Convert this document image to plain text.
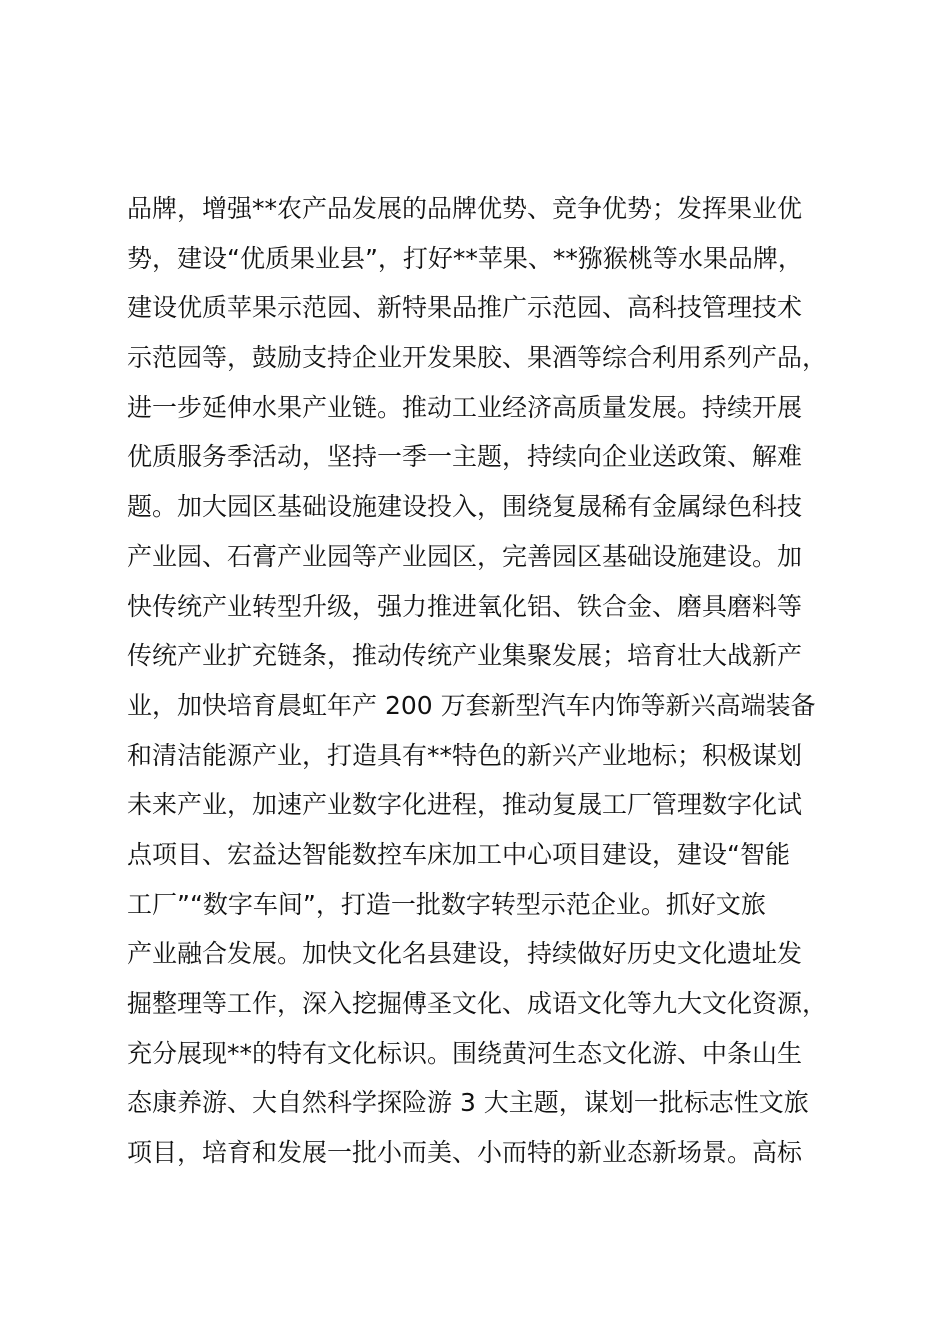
品牌，增强**农产品发展的品牌优势、竞争优势；发挥果业优
势，建设“优质果业县”，打好**苹果、**猕猴桃等水果品牌，
建设优质苹果示范园、新特果品推广示范园、高科技管理技术
示范园等，鼓励支持企业开发果胶、果酒等综合利用系列产品，
进一步延伸水果产业链。推动工业经济高质量发展。持续开展
优质服务季活动，坚持一季一主题，持续向企业送政策、解难
题。加大园区基础设施建设投入，围绕复晟稀有金属绿色科技
产业园、石膏产业园等产业园区，完善园区基础设施建设。加
快传统产业转型升级，强力推进氧化铝、铁合金、磨具磨料等
传统产业扩充链条，推动传统产业集聚发展；培育壮大战新产
业，加快培育晨虹年产 200 万套新型汽车内饰等新兴高端装备
和清洁能源产业，打造具有**特色的新兴产业地标；积极谋划
未来产业，加速产业数字化进程，推动复晟工厂管理数字化试
点项目、宏益达智能数控车床加工中心项目建设，建设“智能
工厂”“数字车间”，打造一批数字转型示范企业。抓好文旅
产业融合发展。加快文化名县建设，持续做好历史文化遗址发
掘整理等工作，深入挖掘傅圣文化、成语文化等九大文化资源，
充分展现**的特有文化标识。围绕黄河生态文化游、中条山生
态康养游、大自然科学探险游 3 大主题，谋划一批标志性文旅
项目，培育和发展一批小而美、小而特的新业态新场景。高标
